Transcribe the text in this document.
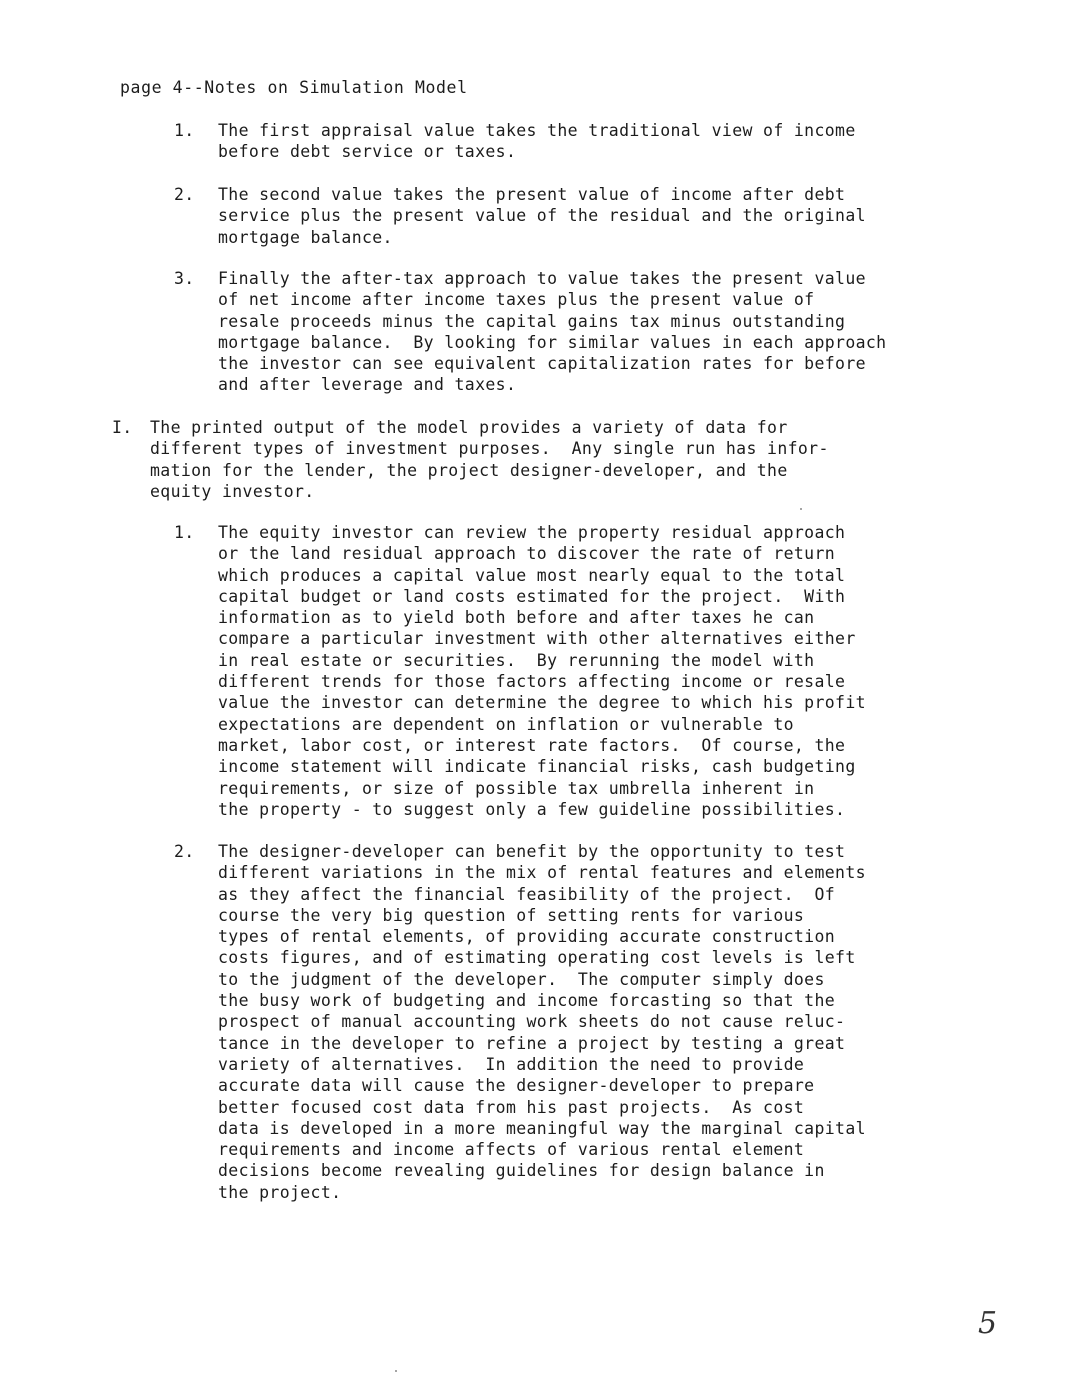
page 4--Notes on Simulation Model
1. The first appraisal value takes the traditional view of income
before debt service or taxes.

2. The second value takes the present value of income after debt
service plus the present value of the residual and the original
mortgage balance.

3. Finally the after-tax approach to value takes the present value
of net income after income taxes plus the present value of
resale proceeds minus the capital gains tax minus outstanding
mortgage balance.  By looking for similar values in each approach
the investor can see equivalent capitalization rates for before
and after leverage and taxes.

I. The printed output of the model provides a variety of data for
different types of investment purposes.  Any single run has infor-
mation for the lender, the project designer-developer, and the
equity investor.

1. The equity investor can review the property residual approach
or the land residual approach to discover the rate of return
which produces a capital value most nearly equal to the total
capital budget or land costs estimated for the project.  With
information as to yield both before and after taxes he can
compare a particular investment with other alternatives either
in real estate or securities.  By rerunning the model with
different trends for those factors affecting income or resale
value the investor can determine the degree to which his profit
expectations are dependent on inflation or vulnerable to
market, labor cost, or interest rate factors.  Of course, the
income statement will indicate financial risks, cash budgeting
requirements, or size of possible tax umbrella inherent in
the property - to suggest only a few guideline possibilities.

2. The designer-developer can benefit by the opportunity to test
different variations in the mix of rental features and elements
as they affect the financial feasibility of the project.  Of
course the very big question of setting rents for various
types of rental elements, of providing accurate construction
costs figures, and of estimating operating cost levels is left
to the judgment of the developer.  The computer simply does
the busy work of budgeting and income forcasting so that the
prospect of manual accounting work sheets do not cause reluc-
tance in the developer to refine a project by testing a great
variety of alternatives.  In addition the need to provide
accurate data will cause the designer-developer to prepare
better focused cost data from his past projects.  As cost
data is developed in a more meaningful way the marginal capital
requirements and income affects of various rental element
decisions become revealing guidelines for design balance in
the project.

5
